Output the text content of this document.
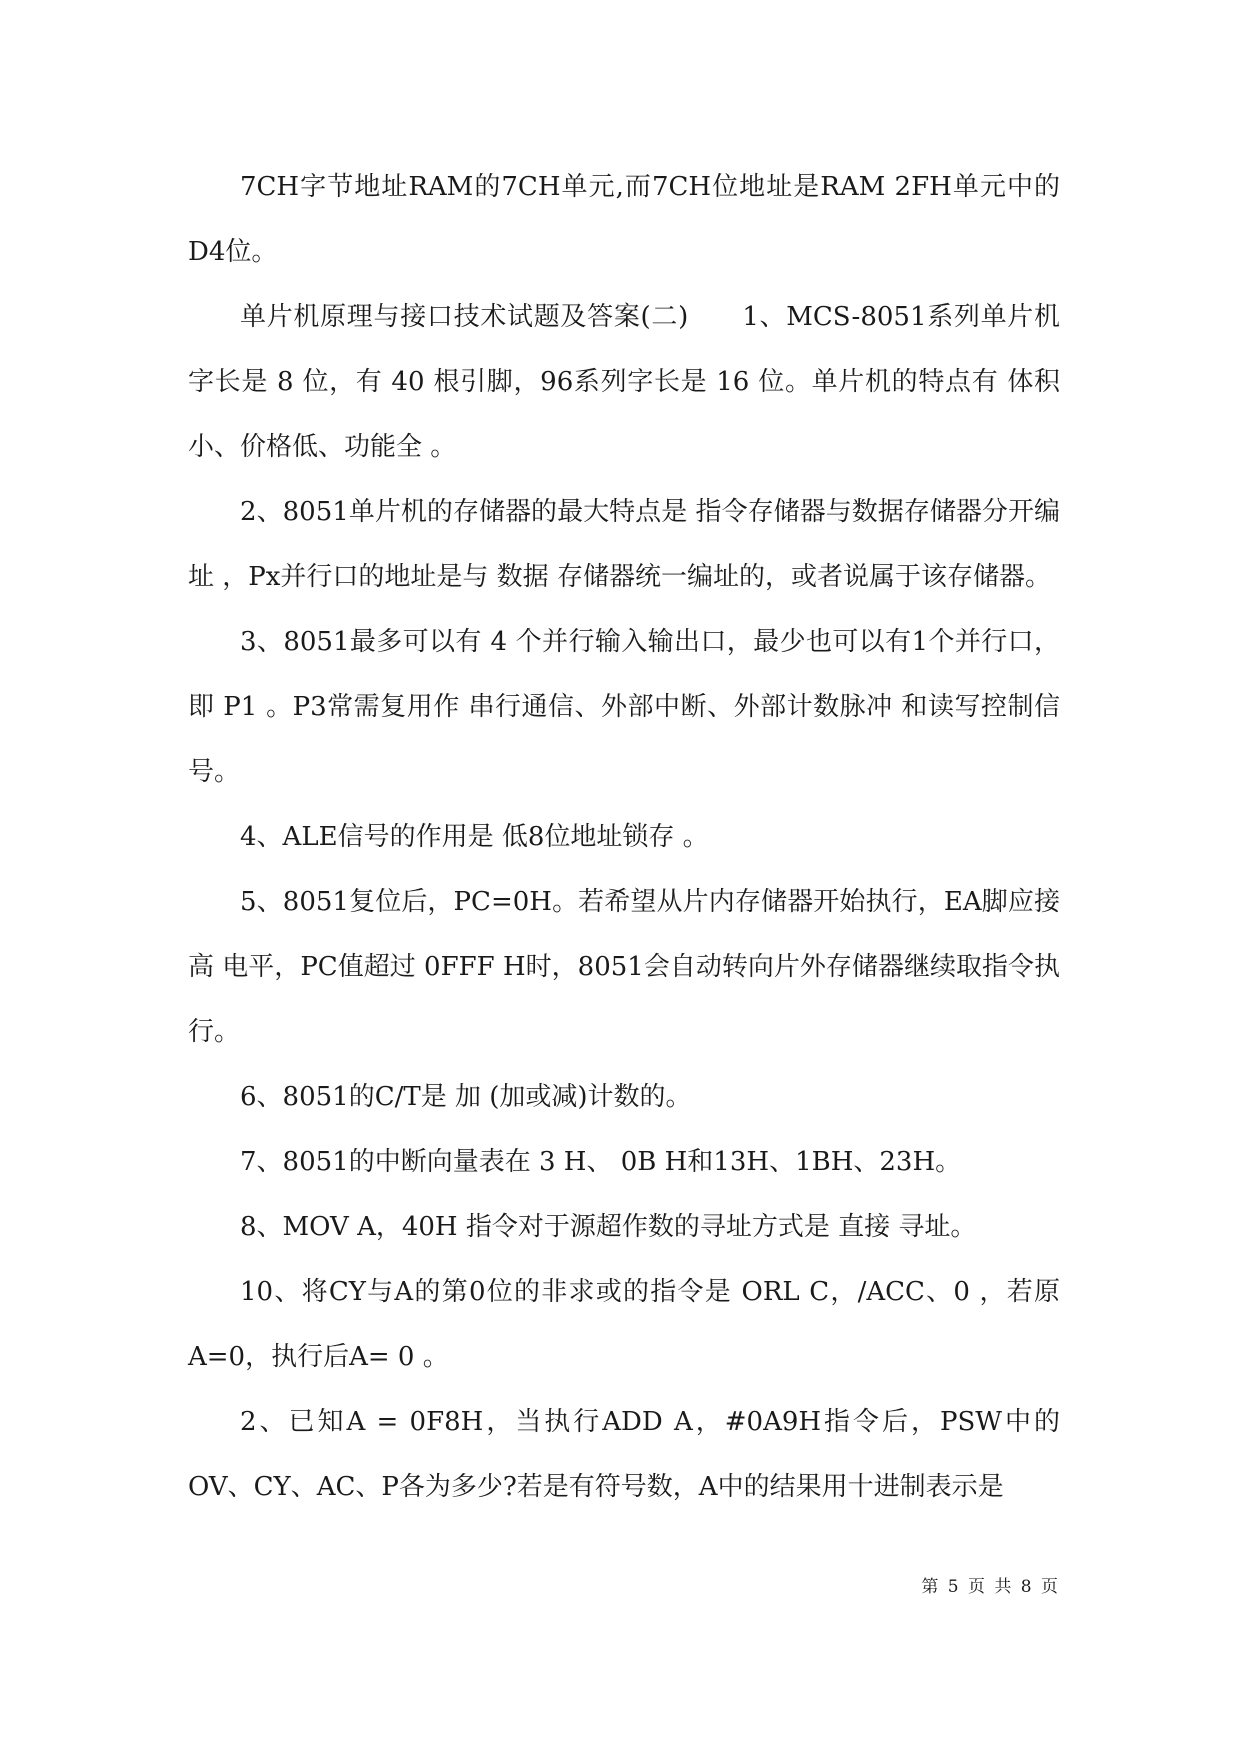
7CH字节地址RAM的7CH单元,而7CH位地址是RAM 2FH单元中的D4位。

单片机原理与接口技术试题及答案(二)　　1、MCS-8051系列单片机字长是 8 位，有 40 根引脚，96系列字长是 16 位。单片机的特点有 体积小、价格低、功能全 。

2、8051单片机的存储器的最大特点是 指令存储器与数据存储器分开编址 ，Px并行口的地址是与 数据 存储器统一编址的，或者说属于该存储器。

3、8051最多可以有 4 个并行输入输出口，最少也可以有1个并行口，即 P1 。P3常需复用作 串行通信、外部中断、外部计数脉冲 和读写控制信号。

4、ALE信号的作用是 低8位地址锁存 。

5、8051复位后，PC=0H。若希望从片内存储器开始执行，EA脚应接 高 电平，PC值超过 0FFF H时，8051会自动转向片外存储器继续取指令执行。

6、8051的C/T是 加 (加或减)计数的。

7、8051的中断向量表在 3 H、 0B H和13H、1BH、23H。

8、MOV A，40H 指令对于源超作数的寻址方式是 直接 寻址。

10、将CY与A的第0位的非求或的指令是 ORL C，/ACC、0 ，若原A=0，执行后A= 0 。

2、已知A = 0F8H，当执行ADD A，#0A9H指令后，PSW中的OV、CY、AC、P各为多少?若是有符号数，A中的结果用十进制表示是

第 5 页 共 8 页
